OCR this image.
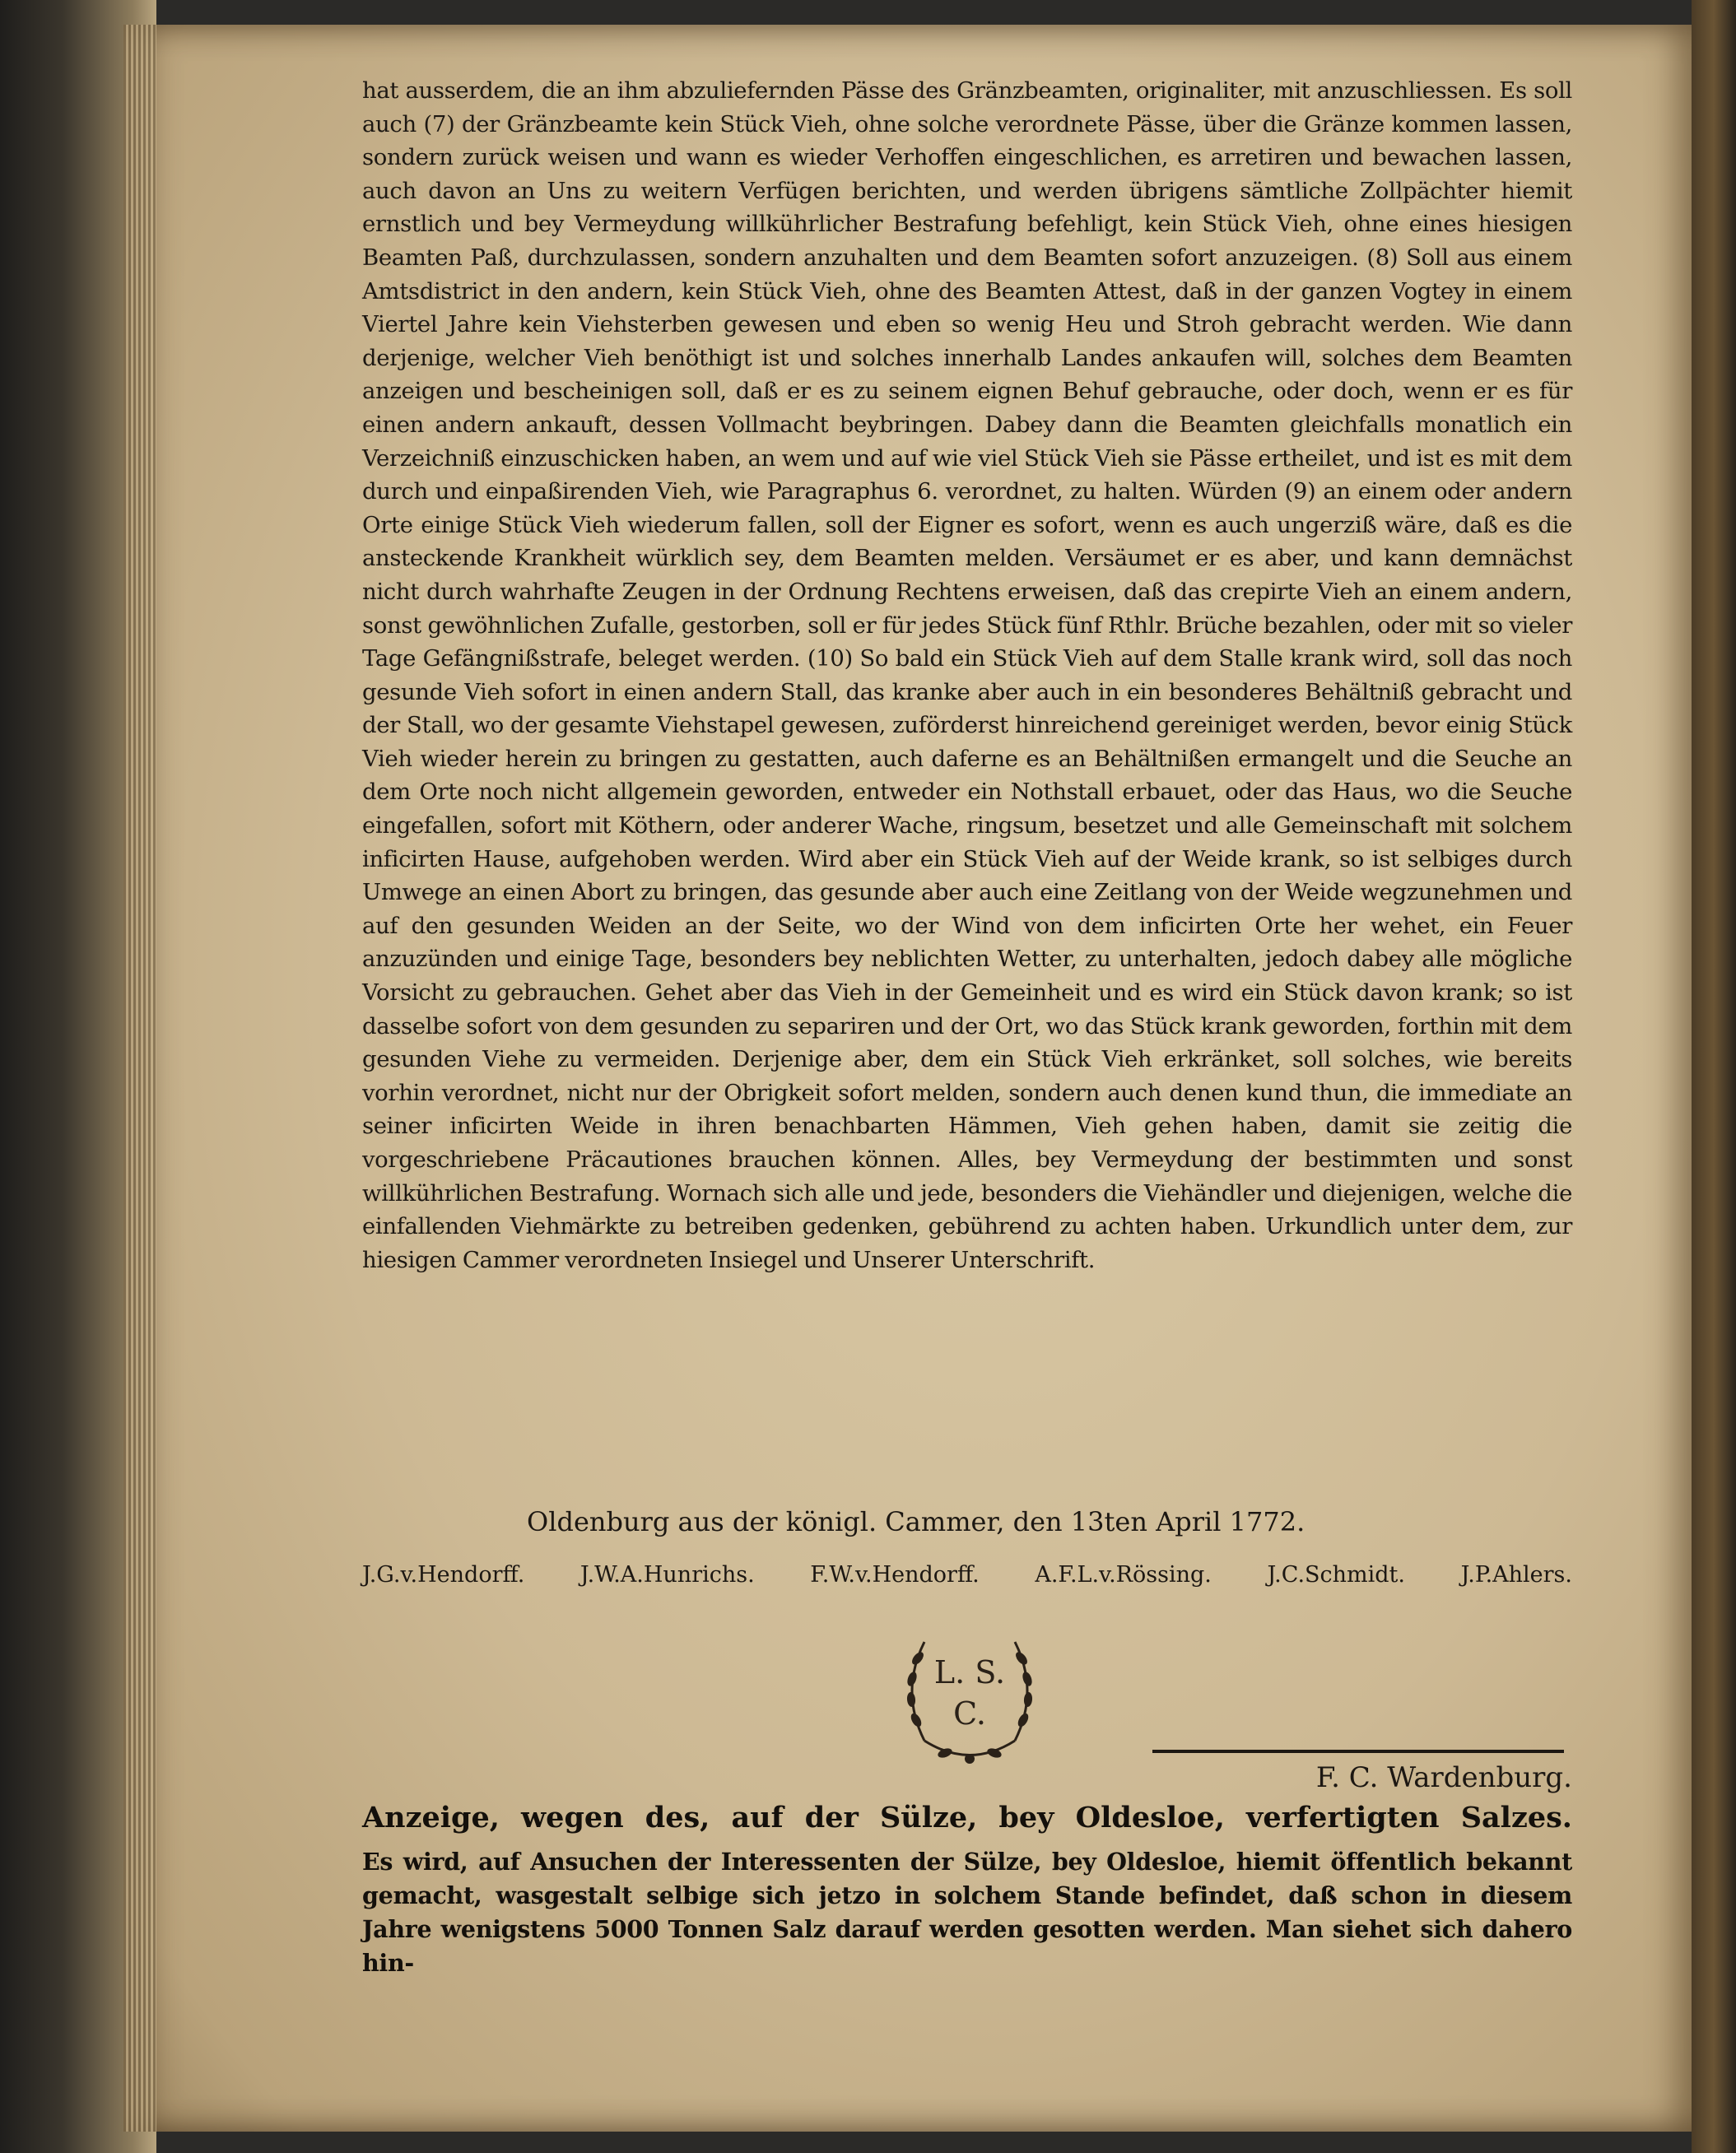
hat ausserdem, die an ihm abzuliefernden Pässe des Gränzbeamten, originaliter, mit anzuschliessen. Es soll auch (7) der Gränzbeamte kein Stück Vieh, ohne solche verordnete Pässe, über die Gränze kommen lassen, sondern zurück weisen und wann es wieder Verhoffen eingeschlichen, es arretiren und bewachen lassen, auch davon an Uns zu weitern Verfügen berichten, und werden übrigens sämtliche Zollpächter hiemit ernstlich und bey Vermeydung willkührlicher Bestrafung befehligt, kein Stück Vieh, ohne eines hiesigen Beamten Paß, durchzulassen, sondern anzuhalten und dem Beamten sofort anzuzeigen. (8) Soll aus einem Amtsdistrict in den andern, kein Stück Vieh, ohne des Beamten Attest, daß in der ganzen Vogtey in einem Viertel Jahre kein Viehsterben gewesen und eben so wenig Heu und Stroh gebracht werden. Wie dann derjenige, welcher Vieh benöthigt ist und solches innerhalb Landes ankaufen will, solches dem Beamten anzeigen und bescheinigen soll, daß er es zu seinem eignen Behuf gebrauche, oder doch, wenn er es für einen andern ankauft, dessen Vollmacht beybringen. Dabey dann die Beamten gleichfalls monatlich ein Verzeichniß einzuschicken haben, an wem und auf wie viel Stück Vieh sie Pässe ertheilet, und ist es mit dem durch und einpaßirenden Vieh, wie Paragraphus 6. verordnet, zu halten. Würden (9) an einem oder andern Orte einige Stück Vieh wiederum fallen, soll der Eigner es sofort, wenn es auch ungerziß wäre, daß es die ansteckende Krankheit würklich sey, dem Beamten melden. Versäumet er es aber, und kann demnächst nicht durch wahrhafte Zeugen in der Ordnung Rechtens erweisen, daß das crepirte Vieh an einem andern, sonst gewöhnlichen Zufalle, gestorben, soll er für jedes Stück fünf Rthlr. Brüche bezahlen, oder mit so vieler Tage Gefängnißstrafe, beleget werden. (10) So bald ein Stück Vieh auf dem Stalle krank wird, soll das noch gesunde Vieh sofort in einen andern Stall, das kranke aber auch in ein besonderes Behältniß gebracht und der Stall, wo der gesamte Viehstapel gewesen, zuförderst hinreichend gereiniget werden, bevor einig Stück Vieh wieder herein zu bringen zu gestatten, auch daferne es an Behältnißen ermangelt und die Seuche an dem Orte noch nicht allgemein geworden, entweder ein Nothstall erbauet, oder das Haus, wo die Seuche eingefallen, sofort mit Köthern, oder anderer Wache, ringsum, besetzet und alle Gemeinschaft mit solchem inficirten Hause, aufgehoben werden. Wird aber ein Stück Vieh auf der Weide krank, so ist selbiges durch Umwege an einen Abort zu bringen, das gesunde aber auch eine Zeitlang von der Weide wegzunehmen und auf den gesunden Weiden an der Seite, wo der Wind von dem inficirten Orte her wehet, ein Feuer anzuzünden und einige Tage, besonders bey neblichten Wetter, zu unterhalten, jedoch dabey alle mögliche Vorsicht zu gebrauchen. Gehet aber das Vieh in der Gemeinheit und es wird ein Stück davon krank; so ist dasselbe sofort von dem gesunden zu separiren und der Ort, wo das Stück krank geworden, forthin mit dem gesunden Viehe zu vermeiden. Derjenige aber, dem ein Stück Vieh erkränket, soll solches, wie bereits vorhin verordnet, nicht nur der Obrigkeit sofort melden, sondern auch denen kund thun, die immediate an seiner inficirten Weide in ihren benachbarten Hämmen, Vieh gehen haben, damit sie zeitig die vorgeschriebene Präcautiones brauchen können. Alles, bey Vermeydung der bestimmten und sonst willkührlichen Bestrafung. Wornach sich alle und jede, besonders die Viehändler und diejenigen, welche die einfallenden Viehmärkte zu betreiben gedenken, gebührend zu achten haben. Urkundlich unter dem, zur hiesigen Cammer verordneten Insiegel und Unserer Unterschrift.

Oldenburg aus der königl. Cammer, den 13ten April 1772.
J.G.v.Hendorff.	J.W.A.Hunrichs.	F.W.v.Hendorff.	A.F.L.v.Rössing.	J.C.Schmidt.	J.P.Ahlers.
L. S.
C.
F. C. Wardenburg.
Anzeige, wegen des, auf der Sülze, bey Oldesloe, verfertigten Salzes.
Es wird, auf Ansuchen der Interessenten der Sülze, bey Oldesloe, hiemit öffentlich bekannt gemacht, wasgestalt selbige sich jetzo in solchem Stande befindet, daß schon in diesem Jahre wenigstens 5000 Tonnen Salz darauf werden gesotten werden. Man siehet sich dahero hin-
